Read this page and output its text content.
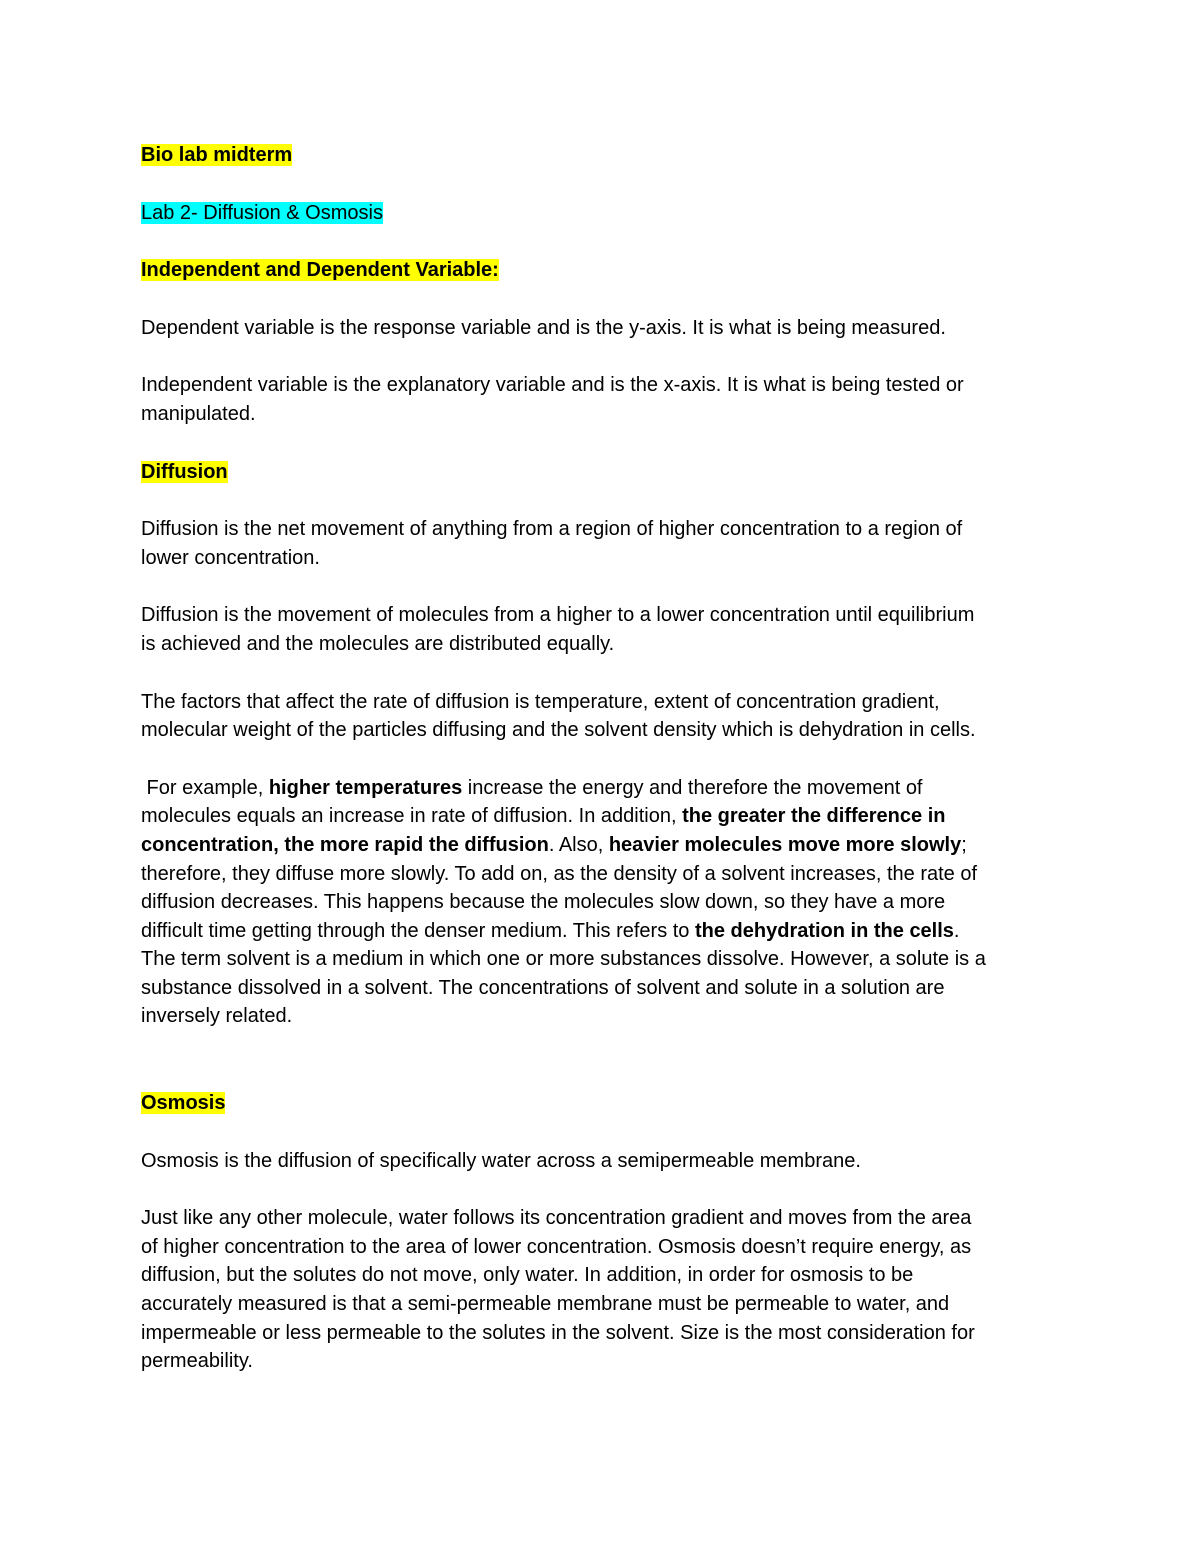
Bio lab midterm
Lab 2- Diffusion & Osmosis
Independent and Dependent Variable:
Dependent variable is the response variable and is the y-axis. It is what is being measured.
Independent variable is the explanatory variable and is the x-axis. It is what is being tested or
manipulated.
Diffusion
Diffusion is the net movement of anything from a region of higher concentration to a region of
lower concentration.
Diffusion is the movement of molecules from a higher to a lower concentration until equilibrium
is achieved and the molecules are distributed equally.
The factors that affect the rate of diffusion is temperature, extent of concentration gradient,
molecular weight of the particles diffusing and the solvent density which is dehydration in cells.
For example, higher temperatures increase the energy and therefore the movement of
molecules equals an increase in rate of diffusion. In addition, the greater the difference in
concentration, the more rapid the diffusion. Also, heavier molecules move more slowly;
therefore, they diffuse more slowly. To add on, as the density of a solvent increases, the rate of
diffusion decreases. This happens because the molecules slow down, so they have a more
difficult time getting through the denser medium. This refers to the dehydration in the cells.
The term solvent is a medium in which one or more substances dissolve. However, a solute is a
substance dissolved in a solvent. The concentrations of solvent and solute in a solution are
inversely related.
Osmosis
Osmosis is the diffusion of specifically water across a semipermeable membrane.
Just like any other molecule, water follows its concentration gradient and moves from the area
of higher concentration to the area of lower concentration. Osmosis doesn’t require energy, as
diffusion, but the solutes do not move, only water. In addition, in order for osmosis to be
accurately measured is that a semi-permeable membrane must be permeable to water, and
impermeable or less permeable to the solutes in the solvent. Size is the most consideration for
permeability.
